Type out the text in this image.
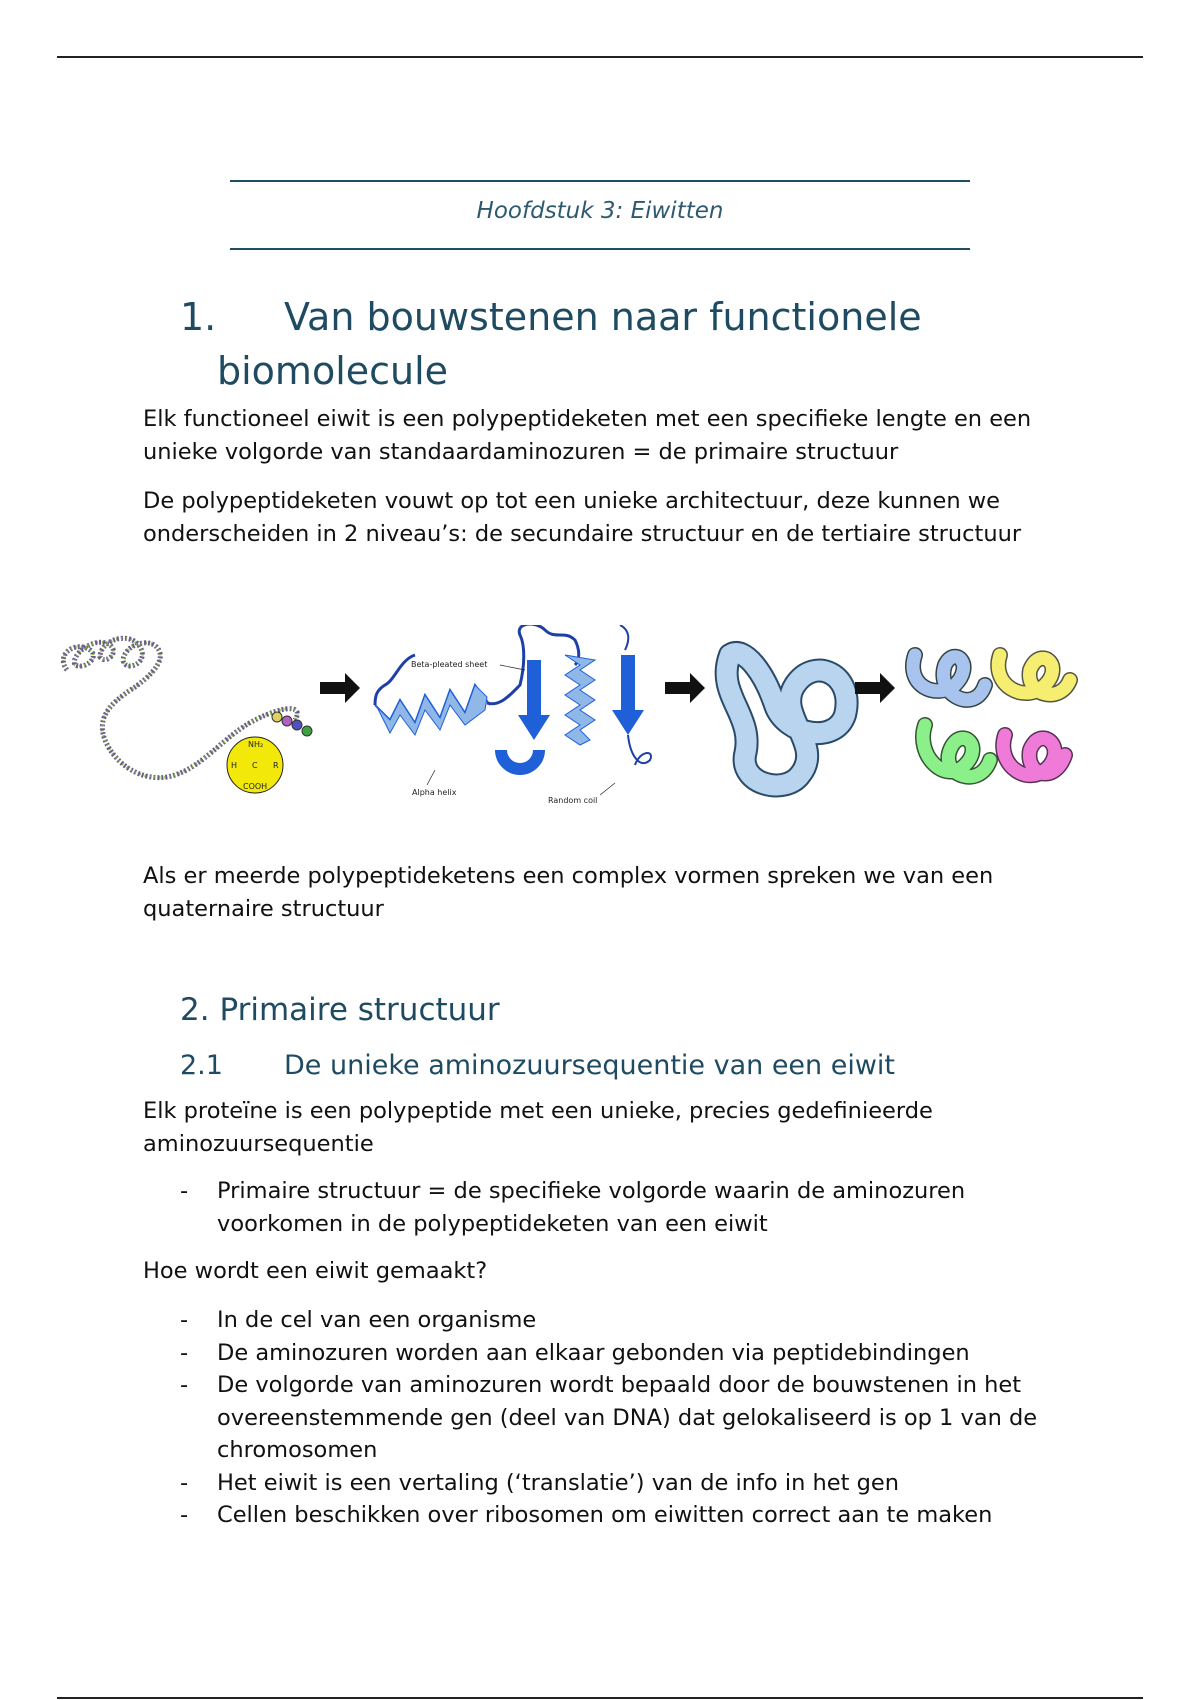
Hoofdstuk 3: Eiwitten
1. Van bouwstenen naar functionele
biomolecule

Elk functioneel eiwit is een polypeptideketen met een specifieke lengte en een unieke volgorde van standaardaminozuren = de primaire structuur

De polypeptideketen vouwt op tot een unieke architectuur, deze kunnen we onderscheiden in 2 niveau’s: de secundaire structuur en de tertiaire structuur

NH₂
H C R
COOH
Beta-pleated sheet
Alpha helix
Random coil

Als er meerde polypeptideketens een complex vormen spreken we van een quaternaire structuur

2. Primaire structuur
2.1 De unieke aminozuursequentie van een eiwit

Elk proteïne is een polypeptide met een unieke, precies gedefinieerde aminozuursequentie

- Primaire structuur = de specifieke volgorde waarin de aminozuren voorkomen in de polypeptideketen van een eiwit

Hoe wordt een eiwit gemaakt?

- In de cel van een organisme
- De aminozuren worden aan elkaar gebonden via peptidebindingen
- De volgorde van aminozuren wordt bepaald door de bouwstenen in het overeenstemmende gen (deel van DNA) dat gelokaliseerd is op 1 van de chromosomen
- Het eiwit is een vertaling (‘translatie’) van de info in het gen
- Cellen beschikken over ribosomen om eiwitten correct aan te maken
